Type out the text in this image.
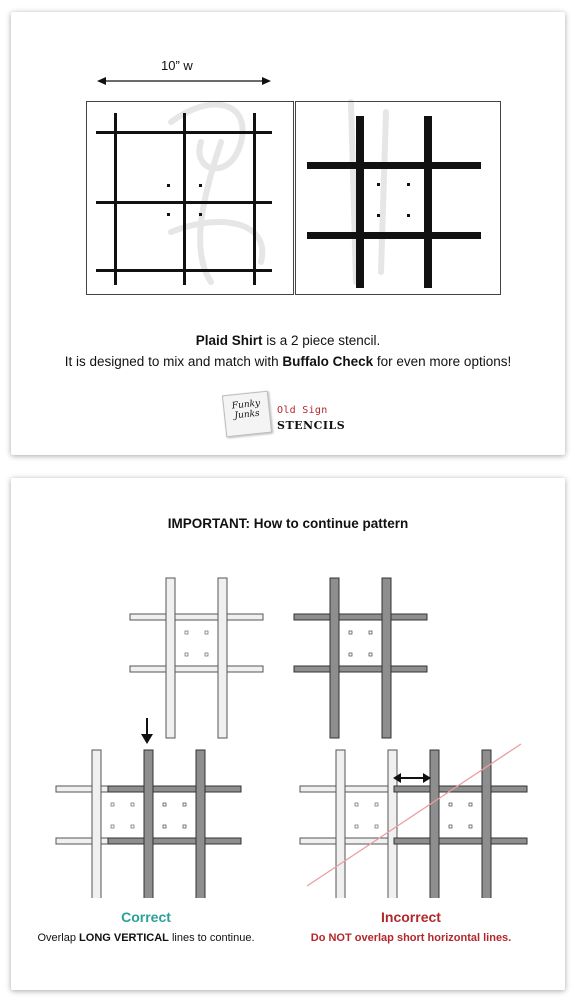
10” w
Plaid Shirt is a 2 piece stencil.
It is designed to mix and match with Buffalo Check for even more options!
Funky
Junks	Old Sign
STENCILS
IMPORTANT: How to continue pattern
Correct
Overlap LONG VERTICAL lines to continue.
Incorrect
Do NOT overlap short horizontal lines.
